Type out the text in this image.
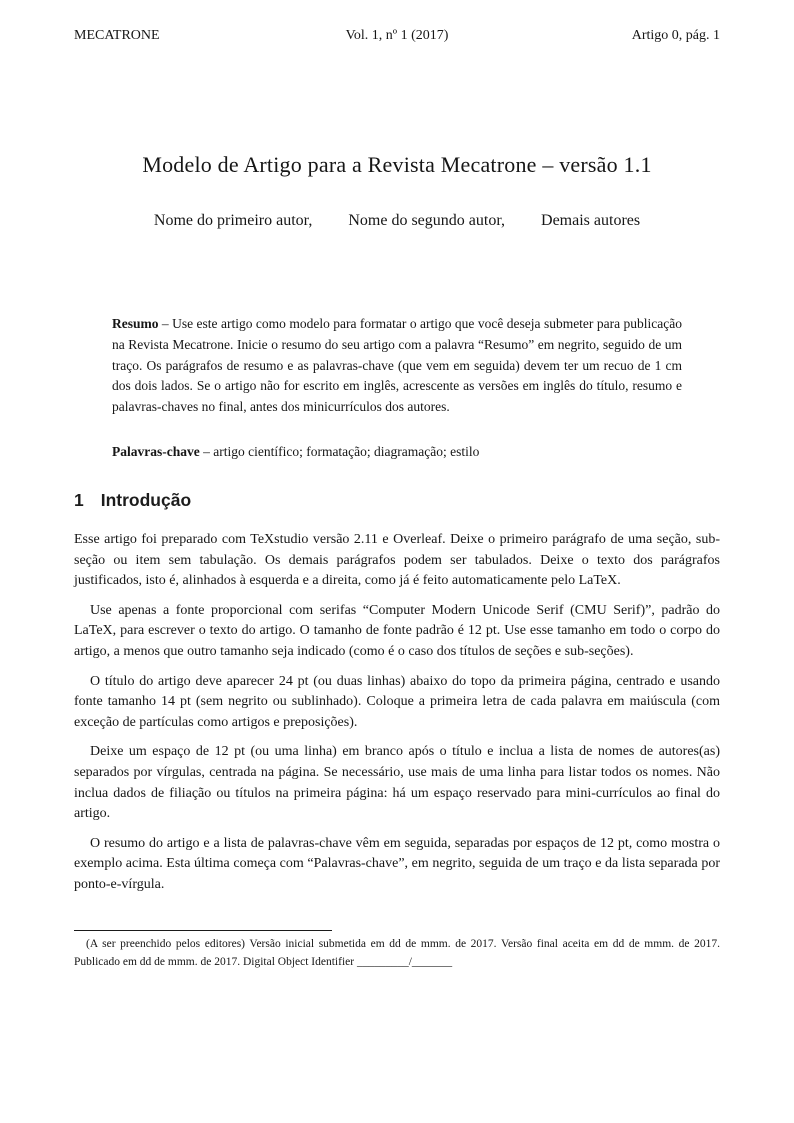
MECATRONE	Vol. 1, nº 1 (2017)	Artigo 0, pág. 1
Modelo de Artigo para a Revista Mecatrone – versão 1.1
Nome do primeiro autor, Nome do segundo autor, Demais autores

Resumo – Use este artigo como modelo para formatar o artigo que você deseja submeter para publicação na Revista Mecatrone. Inicie o resumo do seu artigo com a palavra “Resumo” em negrito, seguido de um traço. Os parágrafos de resumo e as palavras-chave (que vem em seguida) devem ter um recuo de 1 cm dos dois lados. Se o artigo não for escrito em inglês, acrescente as versões em inglês do título, resumo e palavras-chaves no final, antes dos minicurrículos dos autores.

Palavras-chave – artigo científico; formatação; diagramação; estilo

1 Introdução

Esse artigo foi preparado com TeXstudio versão 2.11 e Overleaf. Deixe o primeiro parágrafo de uma seção, sub-seção ou item sem tabulação. Os demais parágrafos podem ser tabulados. Deixe o texto dos parágrafos justificados, isto é, alinhados à esquerda e a direita, como já é feito automaticamente pelo LaTeX.

Use apenas a fonte proporcional com serifas “Computer Modern Unicode Serif (CMU Serif)”, padrão do LaTeX, para escrever o texto do artigo. O tamanho de fonte padrão é 12 pt. Use esse tamanho em todo o corpo do artigo, a menos que outro tamanho seja indicado (como é o caso dos títulos de seções e sub-seções).

O título do artigo deve aparecer 24 pt (ou duas linhas) abaixo do topo da primeira página, centrado e usando fonte tamanho 14 pt (sem negrito ou sublinhado). Coloque a primeira letra de cada palavra em maiúscula (com exceção de partículas como artigos e preposições).

Deixe um espaço de 12 pt (ou uma linha) em branco após o título e inclua a lista de nomes de autores(as) separados por vírgulas, centrada na página. Se necessário, use mais de uma linha para listar todos os nomes. Não inclua dados de filiação ou títulos na primeira página: há um espaço reservado para mini-currículos ao final do artigo.

O resumo do artigo e a lista de palavras-chave vêm em seguida, separadas por espaços de 12 pt, como mostra o exemplo acima. Esta última começa com “Palavras-chave”, em negrito, seguida de um traço e da lista separada por ponto-e-vírgula.

(A ser preenchido pelos editores) Versão inicial submetida em dd de mmm. de 2017. Versão final aceita em dd de mmm. de 2017. Publicado em dd de mmm. de 2017. Digital Object Identifier _________/_______
